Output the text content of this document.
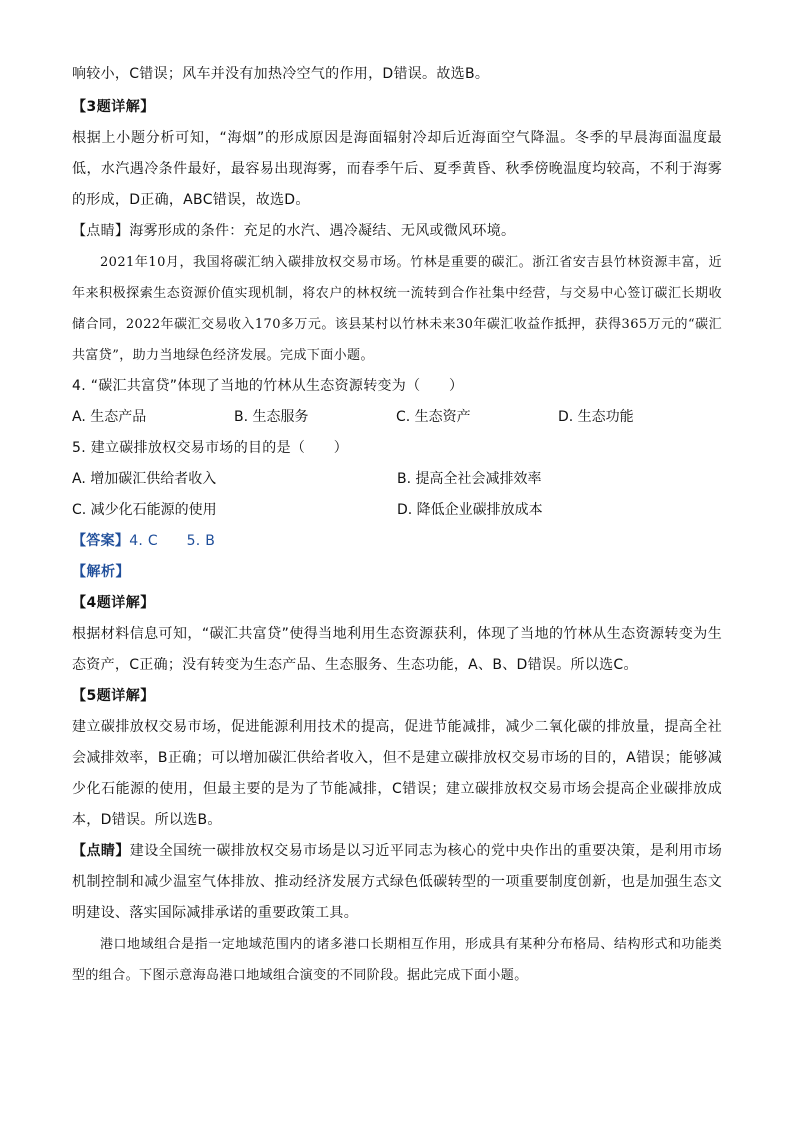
响较小，C错误；风车并没有加热冷空气的作用，D错误。故选B。

【3题详解】

根据上小题分析可知，“海烟”的形成原因是海面辐射冷却后近海面空气降温。冬季的早晨海面温度最低，水汽遇冷条件最好，最容易出现海雾，而春季午后、夏季黄昏、秋季傍晚温度均较高，不利于海雾的形成，D正确，ABC错误，故选D。

【点睛】海雾形成的条件：充足的水汽、遇冷凝结、无风或微风环境。

2021年10月，我国将碳汇纳入碳排放权交易市场。竹林是重要的碳汇。浙江省安吉县竹林资源丰富，近年来积极探索生态资源价值实现机制，将农户的林权统一流转到合作社集中经营，与交易中心签订碳汇长期收储合同，2022年碳汇交易收入170多万元。该县某村以竹林未来30年碳汇收益作抵押，获得365万元的“碳汇共富贷”，助力当地绿色经济发展。完成下面小题。

4. “碳汇共富贷”体现了当地的竹林从生态资源转变为（　　）

A. 生态产品	B. 生态服务	C. 生态资产	D. 生态功能

5. 建立碳排放权交易市场的目的是（　　）

A. 增加碳汇供给者收入	B. 提高全社会减排效率
C. 减少化石能源的使用	D. 降低企业碳排放成本

【答案】4. C　　5. B

【解析】

【4题详解】

根据材料信息可知，“碳汇共富贷”使得当地利用生态资源获利，体现了当地的竹林从生态资源转变为生态资产，C正确；没有转变为生态产品、生态服务、生态功能，A、B、D错误。所以选C。

【5题详解】

建立碳排放权交易市场，促进能源利用技术的提高，促进节能减排，减少二氧化碳的排放量，提高全社会减排效率，B正确；可以增加碳汇供给者收入，但不是建立碳排放权交易市场的目的，A错误；能够减少化石能源的使用，但最主要的是为了节能减排，C错误；建立碳排放权交易市场会提高企业碳排放成本，D错误。所以选B。

【点睛】建设全国统一碳排放权交易市场是以习近平同志为核心的党中央作出的重要决策，是利用市场机制控制和减少温室气体排放、推动经济发展方式绿色低碳转型的一项重要制度创新，也是加强生态文明建设、落实国际减排承诺的重要政策工具。

港口地域组合是指一定地域范围内的诸多港口长期相互作用，形成具有某种分布格局、结构形式和功能类型的组合。下图示意海岛港口地域组合演变的不同阶段。据此完成下面小题。
